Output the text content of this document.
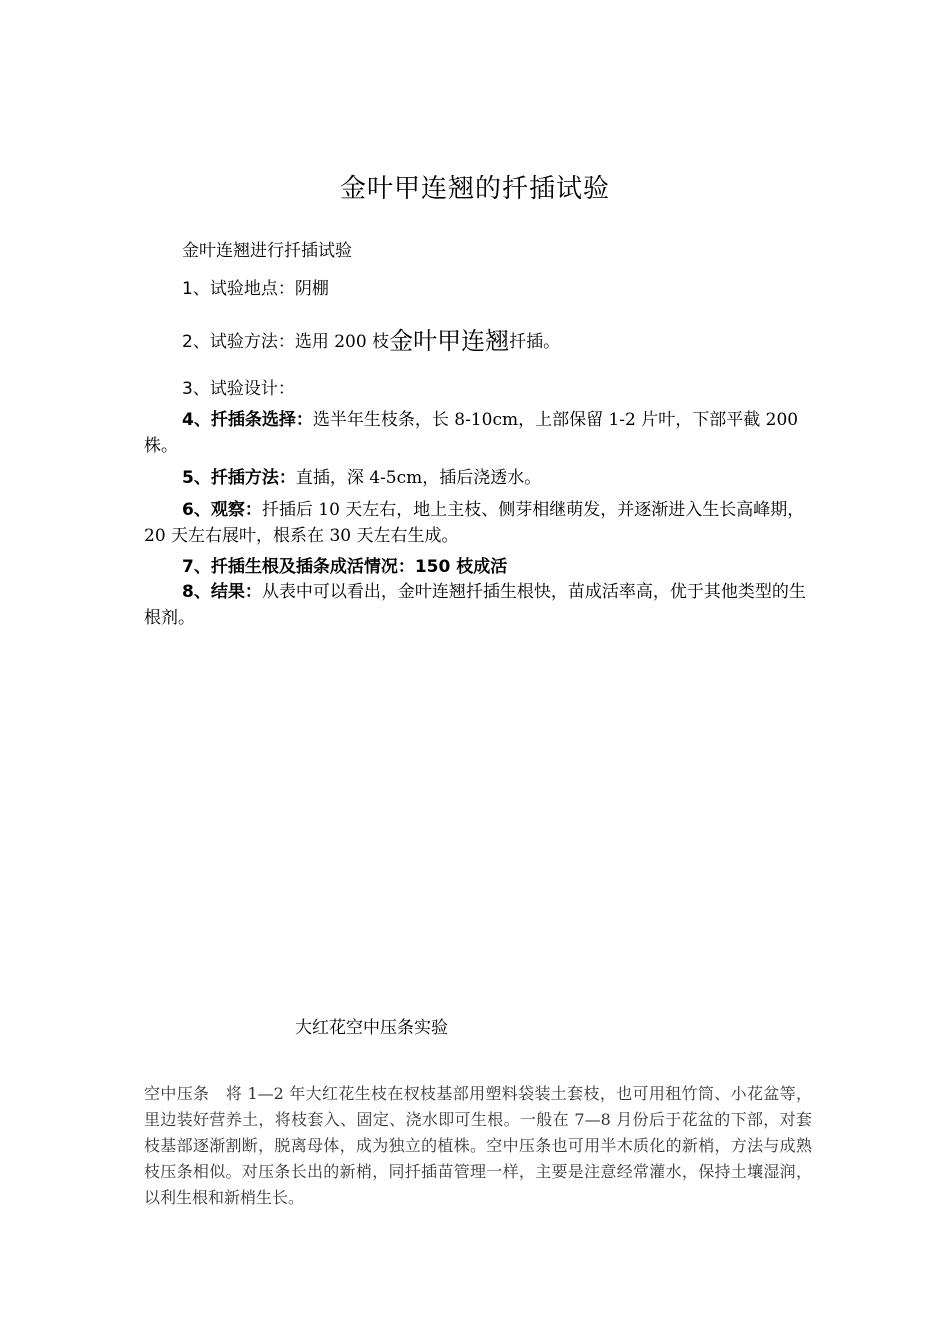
金叶甲连翘的扦插试验
金叶连翘进行扦插试验
1、试验地点：阴棚
2、试验方法：选用 200 枝金叶甲连翘扦插。
3、试验设计：
4、扦插条选择：选半年生枝条，长 8-10cm，上部保留 1-2 片叶，下部平截 200 株。
5、扦插方法：直插，深 4-5cm，插后浇透水。
6、观察：扦插后 10 天左右，地上主枝、侧芽相继萌发，并逐渐进入生长高峰期，20 天左右展叶，根系在 30 天左右生成。
7、扦插生根及插条成活情况：150 枝成活
8、结果：从表中可以看出，金叶连翘扦插生根快，苗成活率高，优于其他类型的生根剂。
大红花空中压条实验
空中压条　将 1—2 年大红花生枝在杈枝基部用塑料袋装土套枝，也可用租竹筒、小花盆等，里边装好营养土，将枝套入、固定、浇水即可生根。一般在 7—8 月份后于花盆的下部，对套枝基部逐渐割断，脱离母体，成为独立的植株。空中压条也可用半木质化的新梢，方法与成熟枝压条相似。对压条长出的新梢，同扦插苗管理一样，主要是注意经常灌水，保持土壤湿润，以利生根和新梢生长。
